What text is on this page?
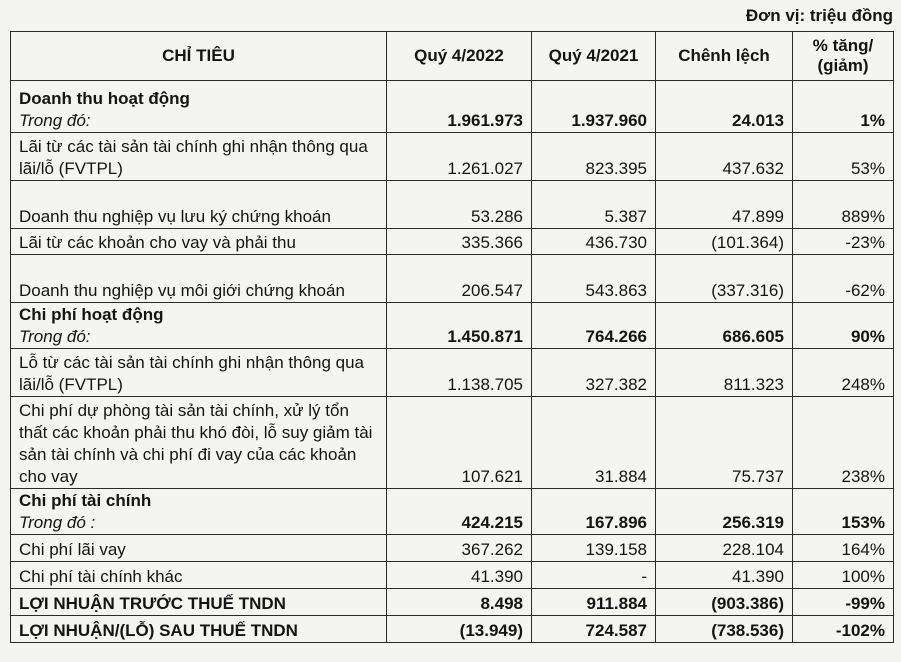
Đơn vị: triệu đồng
CHỈ TIÊU	Quý 4/2022	Quý 4/2021	Chênh lệch	% tăng/ (giảm)

Doanh thu hoạt động
Trong đó:	1.961.973	1.937.960	24.013	1%
Lãi từ các tài sản tài chính ghi nhận thông qua lãi/lỗ (FVTPL)	1.261.027	823.395	437.632	53%
Doanh thu nghiệp vụ lưu ký chứng khoán	53.286	5.387	47.899	889%
Lãi từ các khoản cho vay và phải thu	335.366	436.730	(101.364)	-23%
Doanh thu nghiệp vụ môi giới chứng khoán	206.547	543.863	(337.316)	-62%

Chi phí hoạt động
Trong đó:	1.450.871	764.266	686.605	90%
Lỗ từ các tài sản tài chính ghi nhận thông qua lãi/lỗ (FVTPL)	1.138.705	327.382	811.323	248%
Chi phí dự phòng tài sản tài chính, xử lý tổn thất các khoản phải thu khó đòi, lỗ suy giảm tài sản tài chính và chi phí đi vay của các khoản cho vay	107.621	31.884	75.737	238%

Chi phí tài chính
Trong đó :	424.215	167.896	256.319	153%
Chi phí lãi vay	367.262	139.158	228.104	164%
Chi phí tài chính khác	41.390	-	41.390	100%
LỢI NHUẬN TRƯỚC THUẾ TNDN	8.498	911.884	(903.386)	-99%
LỢI NHUẬN/(LỖ) SAU THUẾ TNDN	(13.949)	724.587	(738.536)	-102%
